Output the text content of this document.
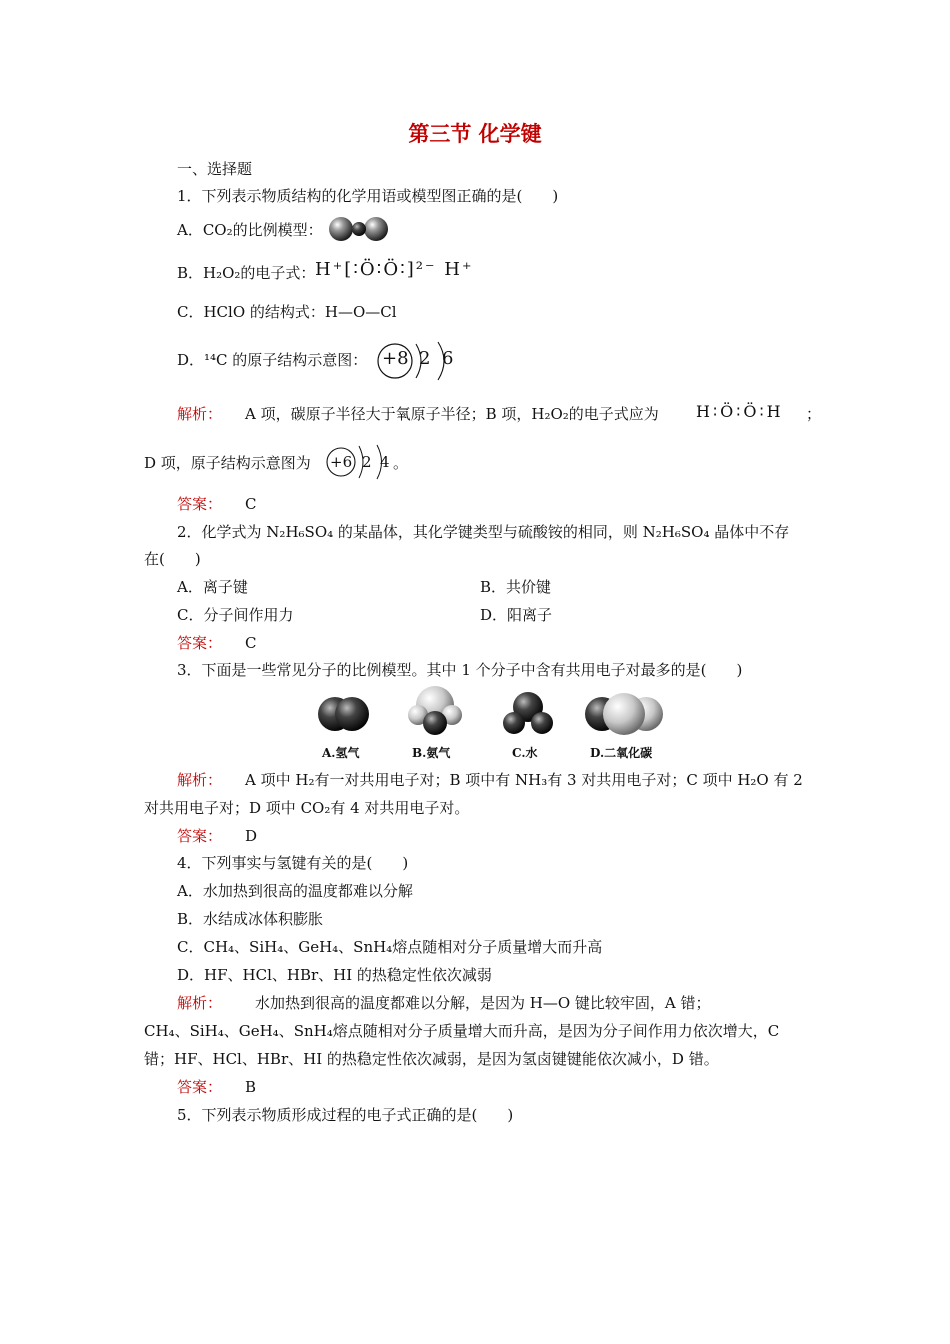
第三节 化学键
一、选择题
1．下列表示物质结构的化学用语或模型图正确的是(　　)
A．CO₂的比例模型：
B．H₂O₂的电子式： H⁺[∶Ö∶Ö∶]²⁻ H⁺
C．HClO 的结构式：H—O—Cl
D．¹⁴C 的原子结构示意图： +8 2 6
解析： A 项，碳原子半径大于氧原子半径；B 项，H₂O₂的电子式应为 H∶Ö∶Ö∶H ；
D 项，原子结构示意图为 +6 2 4 。
答案： C
2．化学式为 N₂H₆SO₄ 的某晶体，其化学键类型与硫酸铵的相同，则 N₂H₆SO₄ 晶体中不存
在(　　)
A．离子键	B．共价键
C．分子间作用力	D．阳离子
答案： C
3．下面是一些常见分子的比例模型。其中 1 个分子中含有共用电子对最多的是(　　)
A.氢气	B.氨气	C.水	D.二氧化碳
解析： A 项中 H₂有一对共用电子对；B 项中有 NH₃有 3 对共用电子对；C 项中 H₂O 有 2
对共用电子对；D 项中 CO₂有 4 对共用电子对。
答案： D
4．下列事实与氢键有关的是(　　)
A．水加热到很高的温度都难以分解
B．水结成冰体积膨胀
C．CH₄、SiH₄、GeH₄、SnH₄熔点随相对分子质量增大而升高
D．HF、HCl、HBr、HI 的热稳定性依次减弱
解析： 水加热到很高的温度都难以分解，是因为 H—O 键比较牢固，A 错；
CH₄、SiH₄、GeH₄、SnH₄熔点随相对分子质量增大而升高，是因为分子间作用力依次增大，C
错；HF、HCl、HBr、HI 的热稳定性依次减弱，是因为氢卤键键能依次减小，D 错。
答案： B
5．下列表示物质形成过程的电子式正确的是(　　)
